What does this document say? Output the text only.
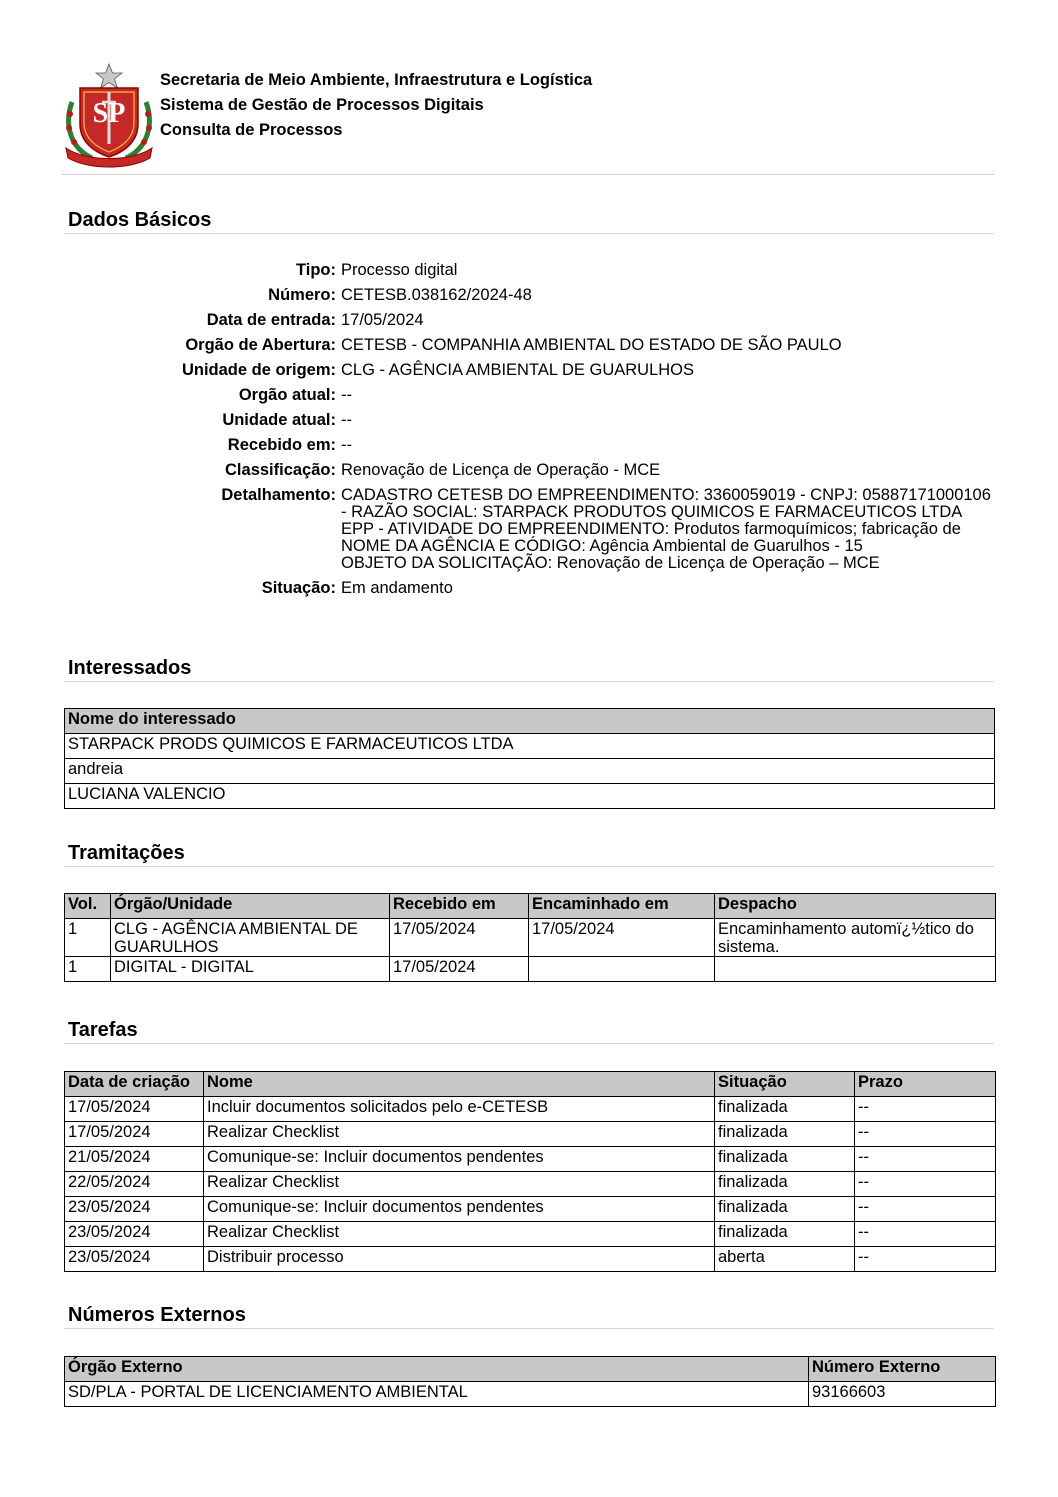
SP
Secretaria de Meio Ambiente, Infraestrutura e Logística
Sistema de Gestão de Processos Digitais
Consulta de Processos
Dados Básicos
Tipo: Processo digital
Número: CETESB.038162/2024-48
Data de entrada: 17/05/2024
Orgão de Abertura: CETESB - COMPANHIA AMBIENTAL DO ESTADO DE SÃO PAULO
Unidade de origem: CLG - AGÊNCIA AMBIENTAL DE GUARULHOS
Orgão atual: --
Unidade atual: --
Recebido em: --
Classificação: Renovação de Licença de Operação - MCE
Detalhamento: CADASTRO CETESB DO EMPREENDIMENTO: 3360059019 - CNPJ: 05887171000106 - RAZÃO SOCIAL: STARPACK PRODUTOS QUIMICOS E FARMACEUTICOS LTDA EPP - ATIVIDADE DO EMPREENDIMENTO: Produtos farmoquímicos; fabricação de
NOME DA AGÊNCIA E CÓDIGO: Agência Ambiental de Guarulhos - 15
OBJETO DA SOLICITAÇÃO: Renovação de Licença de Operação – MCE
Situação: Em andamento
Interessados
Nome do interessado
STARPACK PRODS QUIMICOS E FARMACEUTICOS LTDA
andreia
LUCIANA VALENCIO
Tramitações
Vol.	Órgão/Unidade	Recebido em	Encaminhado em	Despacho
1	CLG - AGÊNCIA AMBIENTAL DE GUARULHOS	17/05/2024	17/05/2024	Encaminhamento automï¿½tico do sistema.
1	DIGITAL - DIGITAL	17/05/2024		
Tarefas
Data de criação	Nome	Situação	Prazo
17/05/2024	Incluir documentos solicitados pelo e-CETESB	finalizada	--
17/05/2024	Realizar Checklist	finalizada	--
21/05/2024	Comunique-se: Incluir documentos pendentes	finalizada	--
22/05/2024	Realizar Checklist	finalizada	--
23/05/2024	Comunique-se: Incluir documentos pendentes	finalizada	--
23/05/2024	Realizar Checklist	finalizada	--
23/05/2024	Distribuir processo	aberta	--
Números Externos
Órgão Externo	Número Externo
SD/PLA - PORTAL DE LICENCIAMENTO AMBIENTAL	93166603
